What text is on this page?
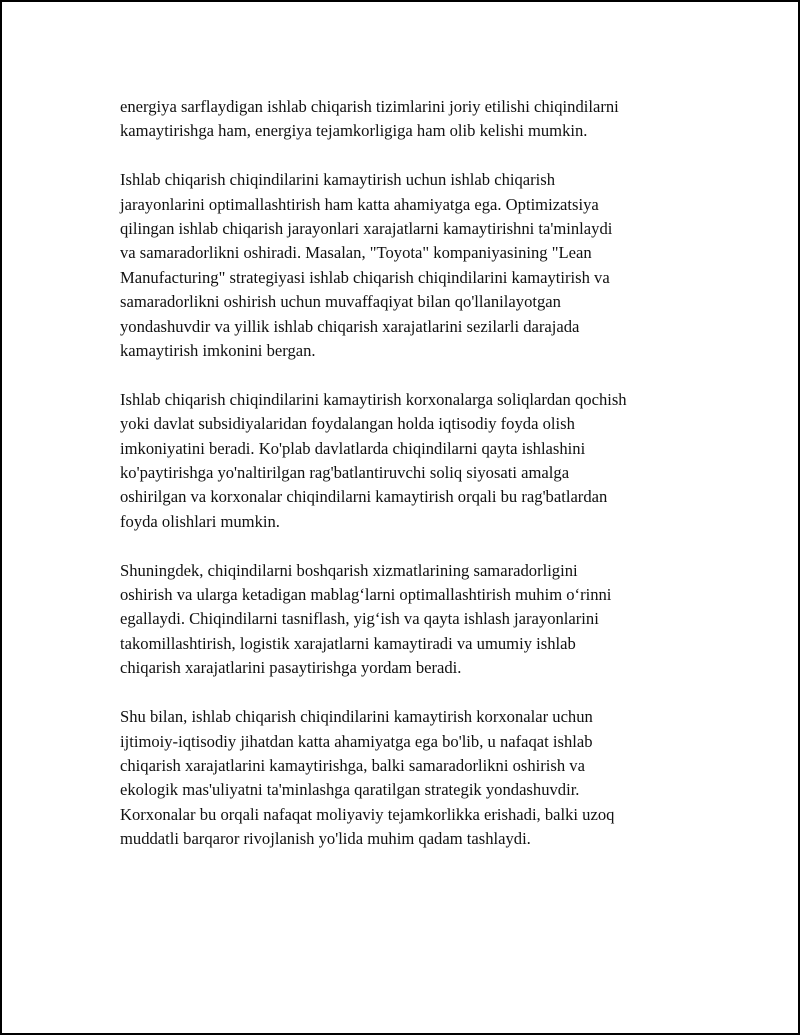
energiya sarflaydigan ishlab chiqarish tizimlarini joriy etilishi chiqindilarni
kamaytirishga ham, energiya tejamkorligiga ham olib kelishi mumkin.

Ishlab chiqarish chiqindilarini kamaytirish uchun ishlab chiqarish
jarayonlarini optimallashtirish ham katta ahamiyatga ega. Optimizatsiya
qilingan ishlab chiqarish jarayonlari xarajatlarni kamaytirishni ta'minlaydi
va samaradorlikni oshiradi. Masalan, "Toyota" kompaniyasining "Lean
Manufacturing" strategiyasi ishlab chiqarish chiqindilarini kamaytirish va
samaradorlikni oshirish uchun muvaffaqiyat bilan qo'llanilayotgan
yondashuvdir va yillik ishlab chiqarish xarajatlarini sezilarli darajada
kamaytirish imkonini bergan.

Ishlab chiqarish chiqindilarini kamaytirish korxonalarga soliqlardan qochish
yoki davlat subsidiyalaridan foydalangan holda iqtisodiy foyda olish
imkoniyatini beradi. Ko'plab davlatlarda chiqindilarni qayta ishlashini
ko'paytirishga yo'naltirilgan rag'batlantiruvchi soliq siyosati amalga
oshirilgan va korxonalar chiqindilarni kamaytirish orqali bu rag'batlardan
foyda olishlari mumkin.

Shuningdek, chiqindilarni boshqarish xizmatlarining samaradorligini
oshirish va ularga ketadigan mablag‘larni optimallashtirish muhim o‘rinni
egallaydi. Chiqindilarni tasniflash, yig‘ish va qayta ishlash jarayonlarini
takomillashtirish, logistik xarajatlarni kamaytiradi va umumiy ishlab
chiqarish xarajatlarini pasaytirishga yordam beradi.

Shu bilan, ishlab chiqarish chiqindilarini kamaytirish korxonalar uchun
ijtimoiy-iqtisodiy jihatdan katta ahamiyatga ega bo'lib, u nafaqat ishlab
chiqarish xarajatlarini kamaytirishga, balki samaradorlikni oshirish va
ekologik mas'uliyatni ta'minlashga qaratilgan strategik yondashuvdir.
Korxonalar bu orqali nafaqat moliyaviy tejamkorlikka erishadi, balki uzoq
muddatli barqaror rivojlanish yo'lida muhim qadam tashlaydi.
